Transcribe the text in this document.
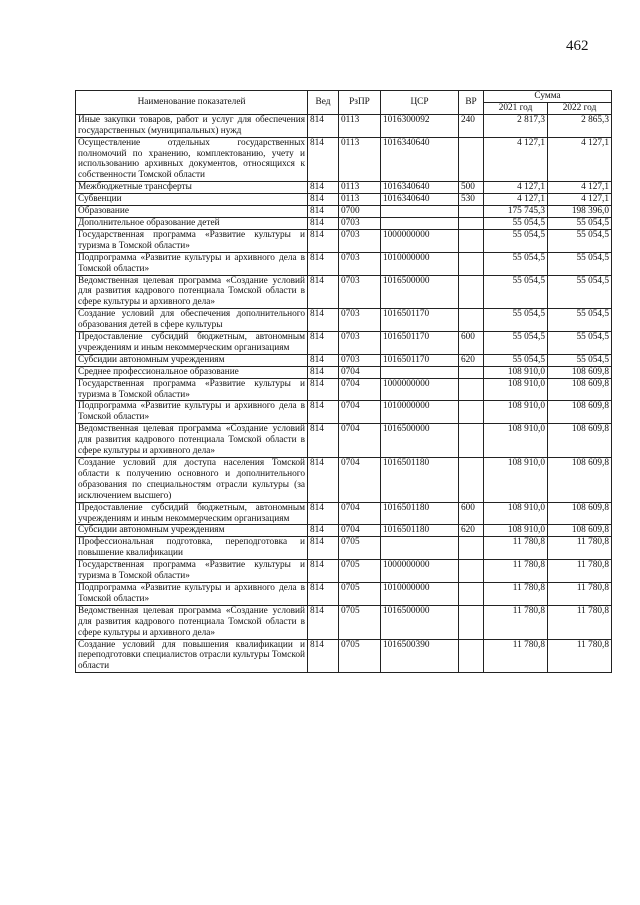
462
Наименование показателей	Вед	РзПР	ЦСР	ВР	Сумма	
					2021 год	2022 год
Иные закупки товаров, работ и услуг для обеспечения государственных (муниципальных) нужд	814	0113	1016300092	240	2 817,3	2 865,3
Осуществление отдельных государственных полномочий по хранению, комплектованию, учету и использованию архивных документов, относящихся к собственности Томской области	814	0113	1016340640		4 127,1	4 127,1
Межбюджетные трансферты	814	0113	1016340640	500	4 127,1	4 127,1
Субвенции	814	0113	1016340640	530	4 127,1	4 127,1
Образование	814	0700			175 745,3	198 396,0
Дополнительное образование детей	814	0703			55 054,5	55 054,5
Государственная программа «Развитие культуры и туризма в Томской области»	814	0703	1000000000		55 054,5	55 054,5
Подпрограмма «Развитие культуры и архивного дела в Томской области»	814	0703	1010000000		55 054,5	55 054,5
Ведомственная целевая программа «Создание условий для развития кадрового потенциала Томской области в сфере культуры и архивного дела»	814	0703	1016500000		55 054,5	55 054,5
Создание условий для обеспечения дополнительного образования детей в сфере культуры	814	0703	1016501170		55 054,5	55 054,5
Предоставление субсидий бюджетным, автономным учреждениям и иным некоммерческим организациям	814	0703	1016501170	600	55 054,5	55 054,5
Субсидии автономным учреждениям	814	0703	1016501170	620	55 054,5	55 054,5
Среднее профессиональное образование	814	0704			108 910,0	108 609,8
Государственная программа «Развитие культуры и туризма в Томской области»	814	0704	1000000000		108 910,0	108 609,8
Подпрограмма «Развитие культуры и архивного дела в Томской области»	814	0704	1010000000		108 910,0	108 609,8
Ведомственная целевая программа «Создание условий для развития кадрового потенциала Томской области в сфере культуры и архивного дела»	814	0704	1016500000		108 910,0	108 609,8
Создание условий для доступа населения Томской области к получению основного и дополнительного образования по специальностям отрасли культуры (за исключением высшего)	814	0704	1016501180		108 910,0	108 609,8
Предоставление субсидий бюджетным, автономным учреждениям и иным некоммерческим организациям	814	0704	1016501180	600	108 910,0	108 609,8
Субсидии автономным учреждениям	814	0704	1016501180	620	108 910,0	108 609,8
Профессиональная подготовка, переподготовка и повышение квалификации	814	0705			11 780,8	11 780,8
Государственная программа «Развитие культуры и туризма в Томской области»	814	0705	1000000000		11 780,8	11 780,8
Подпрограмма «Развитие культуры и архивного дела в Томской области»	814	0705	1010000000		11 780,8	11 780,8
Ведомственная целевая программа «Создание условий для развития кадрового потенциала Томской области в сфере культуры и архивного дела»	814	0705	1016500000		11 780,8	11 780,8
Создание условий для повышения квалификации и переподготовки специалистов отрасли культуры Томской области	814	0705	1016500390		11 780,8	11 780,8
